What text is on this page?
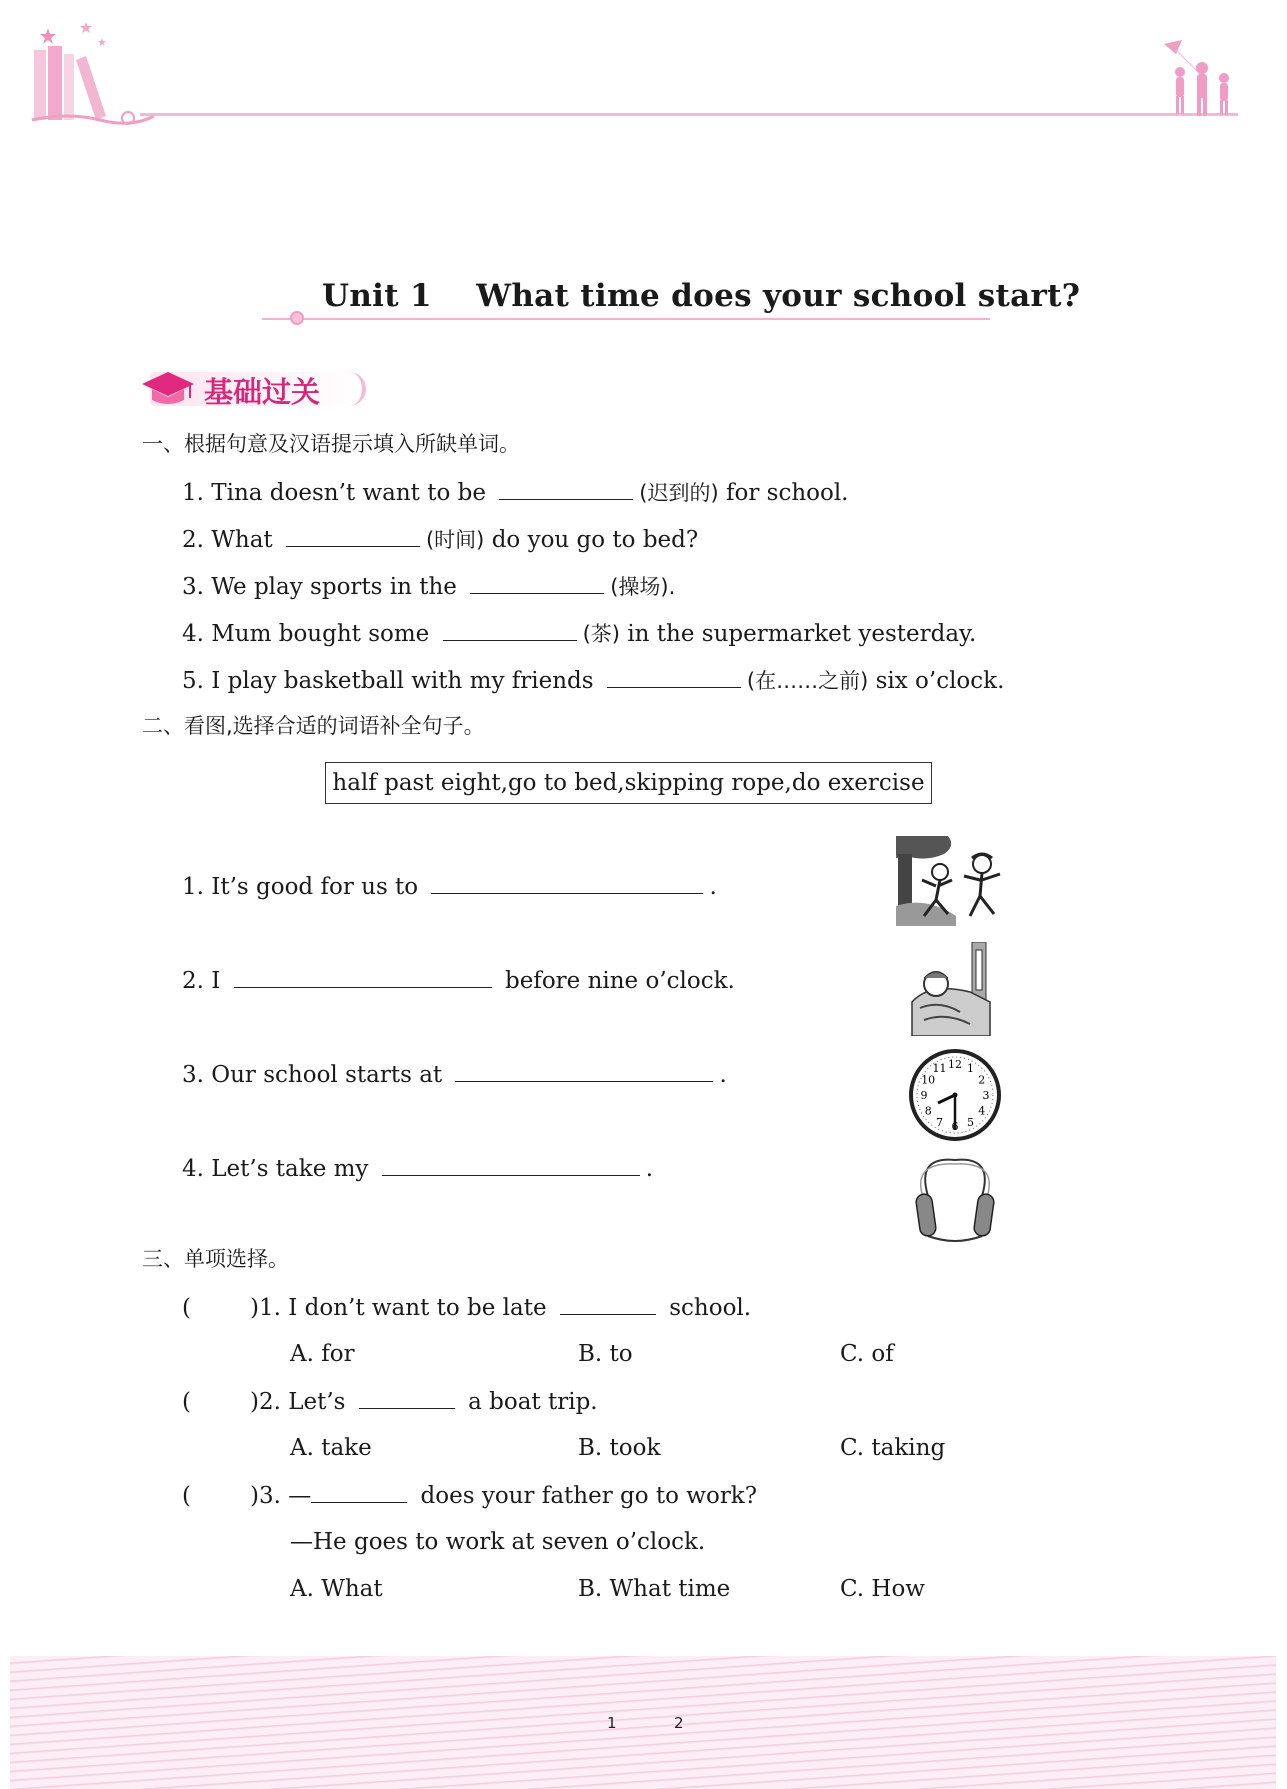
Unit 1    What time does your school start?
基础过关
一、根据句意及汉语提示填入所缺单词。
1. Tina doesn’t want to be	(迟到的) for school.
2. What	(时间) do you go to bed?
3. We play sports in the	(操场).
4. Mum bought some	(茶) in the supermarket yesterday.
5. I play basketball with my friends	(在……之前) six o’clock.
二、看图,选择合适的词语补全句子。
half past eight,go to bed,skipping rope,do exercise
1. It’s good for us to	.
2. I	before nine o’clock.
3. Our school starts at	.
4. Let’s take my	.
12 1
2
3
4
5
6
7
8
9
10
11
三、单项选择。
(	)1. I don’t want to be late	school.
A. for	B. to	C. of
(	)2. Let’s	a boat trip.
A. take	B. took	C. taking
(	)3. —	does your father go to work?
—He goes to work at seven o’clock.
A. What	B. What time	C. How
1	2
